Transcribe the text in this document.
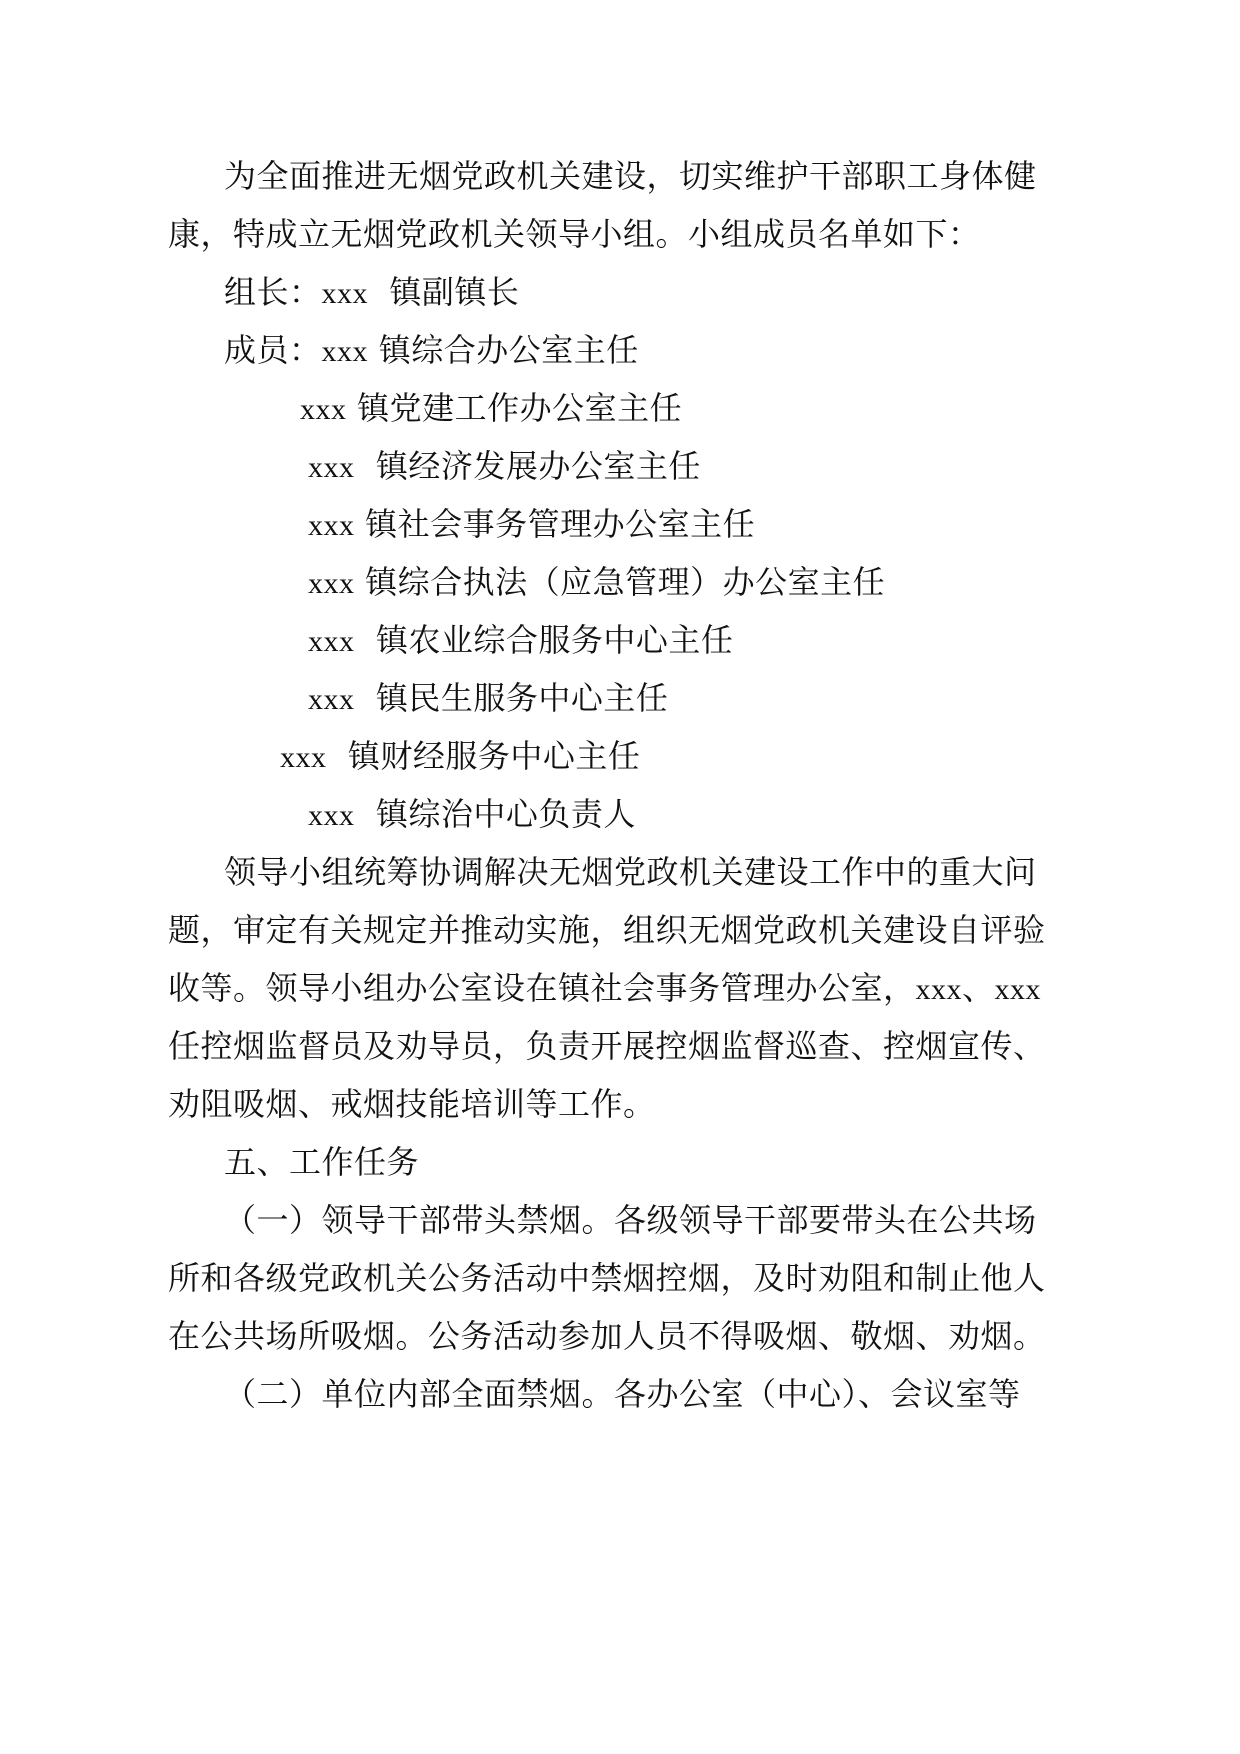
为全面推进无烟党政机关建设，切实维护干部职工身体健
康，特成立无烟党政机关领导小组。小组成员名单如下：
组长：xxx 镇副镇长
成员：xxx 镇综合办公室主任
xxx 镇党建工作办公室主任
xxx 镇经济发展办公室主任
xxx 镇社会事务管理办公室主任
xxx 镇综合执法（应急管理）办公室主任
xxx 镇农业综合服务中心主任
xxx 镇民生服务中心主任
xxx 镇财经服务中心主任
xxx 镇综治中心负责人
领导小组统筹协调解决无烟党政机关建设工作中的重大问
题，审定有关规定并推动实施，组织无烟党政机关建设自评验
收等。领导小组办公室设在镇社会事务管理办公室，xxx、xxx
任控烟监督员及劝导员，负责开展控烟监督巡查、控烟宣传、
劝阻吸烟、戒烟技能培训等工作。
五、工作任务
（一）领导干部带头禁烟。各级领导干部要带头在公共场
所和各级党政机关公务活动中禁烟控烟，及时劝阻和制止他人
在公共场所吸烟。公务活动参加人员不得吸烟、敬烟、劝烟。
（二）单位内部全面禁烟。各办公室（中心）、会议室等
